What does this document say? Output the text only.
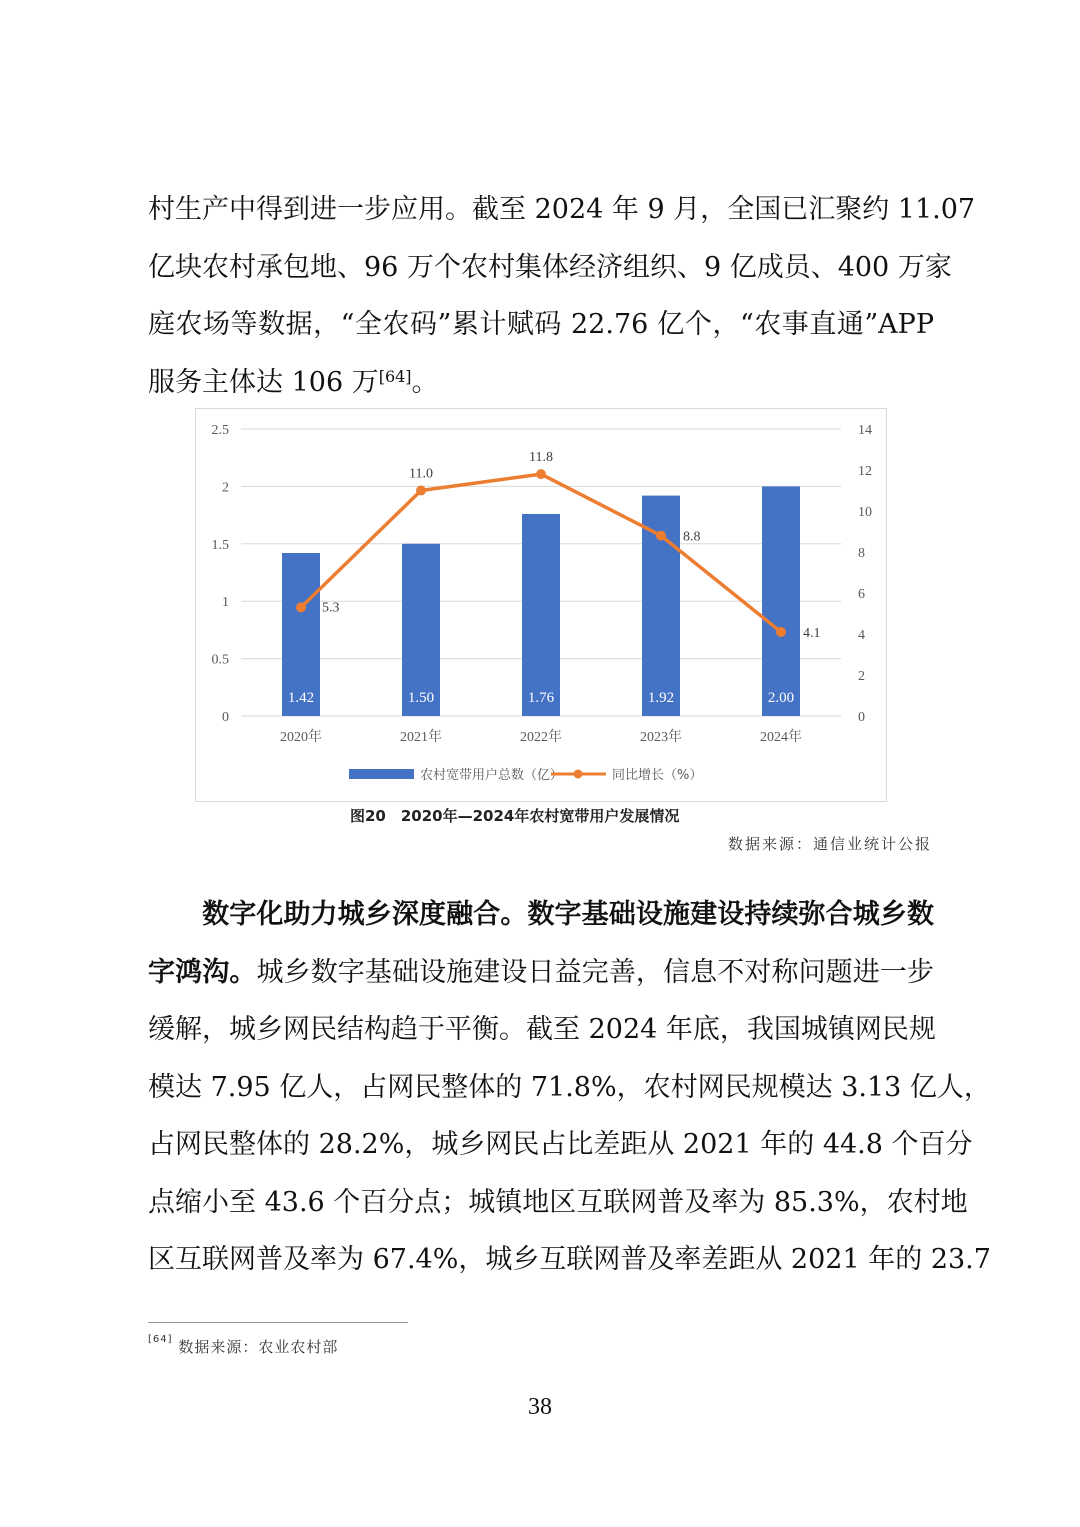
村生产中得到进一步应用。截至 2024 年 9 月，全国已汇聚约 11.07
亿块农村承包地、96 万个农村集体经济组织、9 亿成员、400 万家
庭农场等数据，“全农码”累计赋码 22.76 亿个，“农事直通”APP
服务主体达 106 万[64]。
0
0.5
1
1.5
2
2.5
0
2
4
6
8
10
12
14
2020年	2021年	2022年	2023年	2024年
1.42	1.50	1.76	1.92	2.00
5.3
11.0
11.8
8.8
4.1
农村宽带用户总数（亿）	同比增长（%）
图20　2020年—2024年农村宽带用户发展情况
数据来源：通信业统计公报
数字化助力城乡深度融合。数字基础设施建设持续弥合城乡数
字鸿沟。城乡数字基础设施建设日益完善，信息不对称问题进一步
缓解，城乡网民结构趋于平衡。截至 2024 年底，我国城镇网民规
模达 7.95 亿人，占网民整体的 71.8%，农村网民规模达 3.13 亿人，
占网民整体的 28.2%，城乡网民占比差距从 2021 年的 44.8 个百分
点缩小至 43.6 个百分点；城镇地区互联网普及率为 85.3%，农村地
区互联网普及率为 67.4%，城乡互联网普及率差距从 2021 年的 23.7
[64] 数据来源：农业农村部
38
